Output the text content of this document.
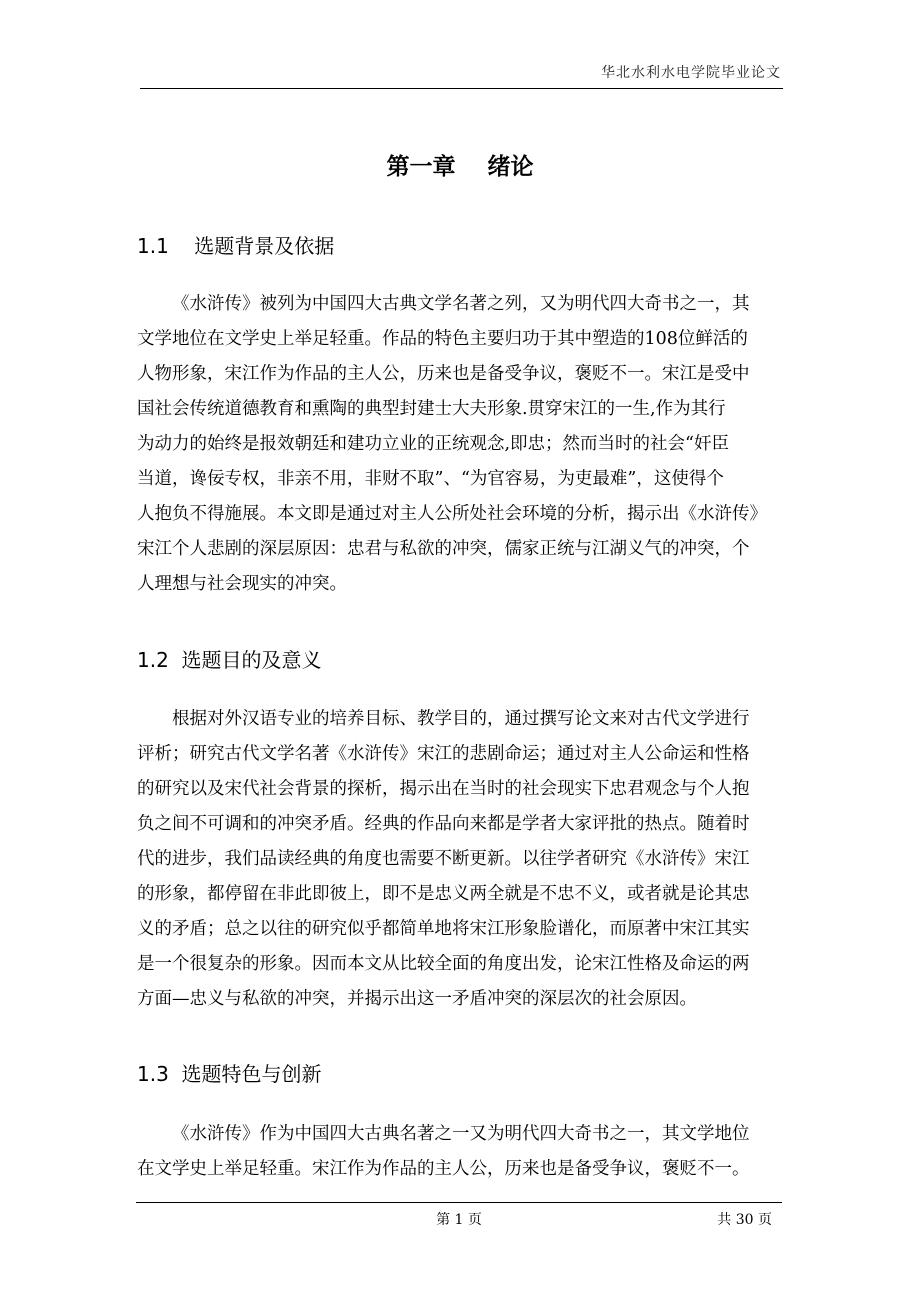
华北水利水电学院毕业论文
第一章    绪论
1.1    选题背景及依据
《水浒传》被列为中国四大古典文学名著之列，又为明代四大奇书之一，其
文学地位在文学史上举足轻重。作品的特色主要归功于其中塑造的108位鲜活的
人物形象，宋江作为作品的主人公，历来也是备受争议，褒贬不一。宋江是受中
国社会传统道德教育和熏陶的典型封建士大夫形象.贯穿宋江的一生,作为其行
为动力的始终是报效朝廷和建功立业的正统观念,即忠；然而当时的社会“奸臣
当道，谗佞专权，非亲不用，非财不取”、“为官容易，为吏最难”，这使得个
人抱负不得施展。本文即是通过对主人公所处社会环境的分析，揭示出《水浒传》
宋江个人悲剧的深层原因：忠君与私欲的冲突，儒家正统与江湖义气的冲突，个
人理想与社会现实的冲突。
1.2  选题目的及意义
根据对外汉语专业的培养目标、教学目的，通过撰写论文来对古代文学进行
评析；研究古代文学名著《水浒传》宋江的悲剧命运；通过对主人公命运和性格
的研究以及宋代社会背景的探析，揭示出在当时的社会现实下忠君观念与个人抱
负之间不可调和的冲突矛盾。经典的作品向来都是学者大家评批的热点。随着时
代的进步，我们品读经典的角度也需要不断更新。以往学者研究《水浒传》宋江
的形象，都停留在非此即彼上，即不是忠义两全就是不忠不义，或者就是论其忠
义的矛盾；总之以往的研究似乎都简单地将宋江形象脸谱化，而原著中宋江其实
是一个很复杂的形象。因而本文从比较全面的角度出发，论宋江性格及命运的两
方面—忠义与私欲的冲突，并揭示出这一矛盾冲突的深层次的社会原因。
1.3  选题特色与创新
《水浒传》作为中国四大古典名著之一又为明代四大奇书之一，其文学地位
在文学史上举足轻重。宋江作为作品的主人公，历来也是备受争议，褒贬不一。
第 1 页	共 30 页
